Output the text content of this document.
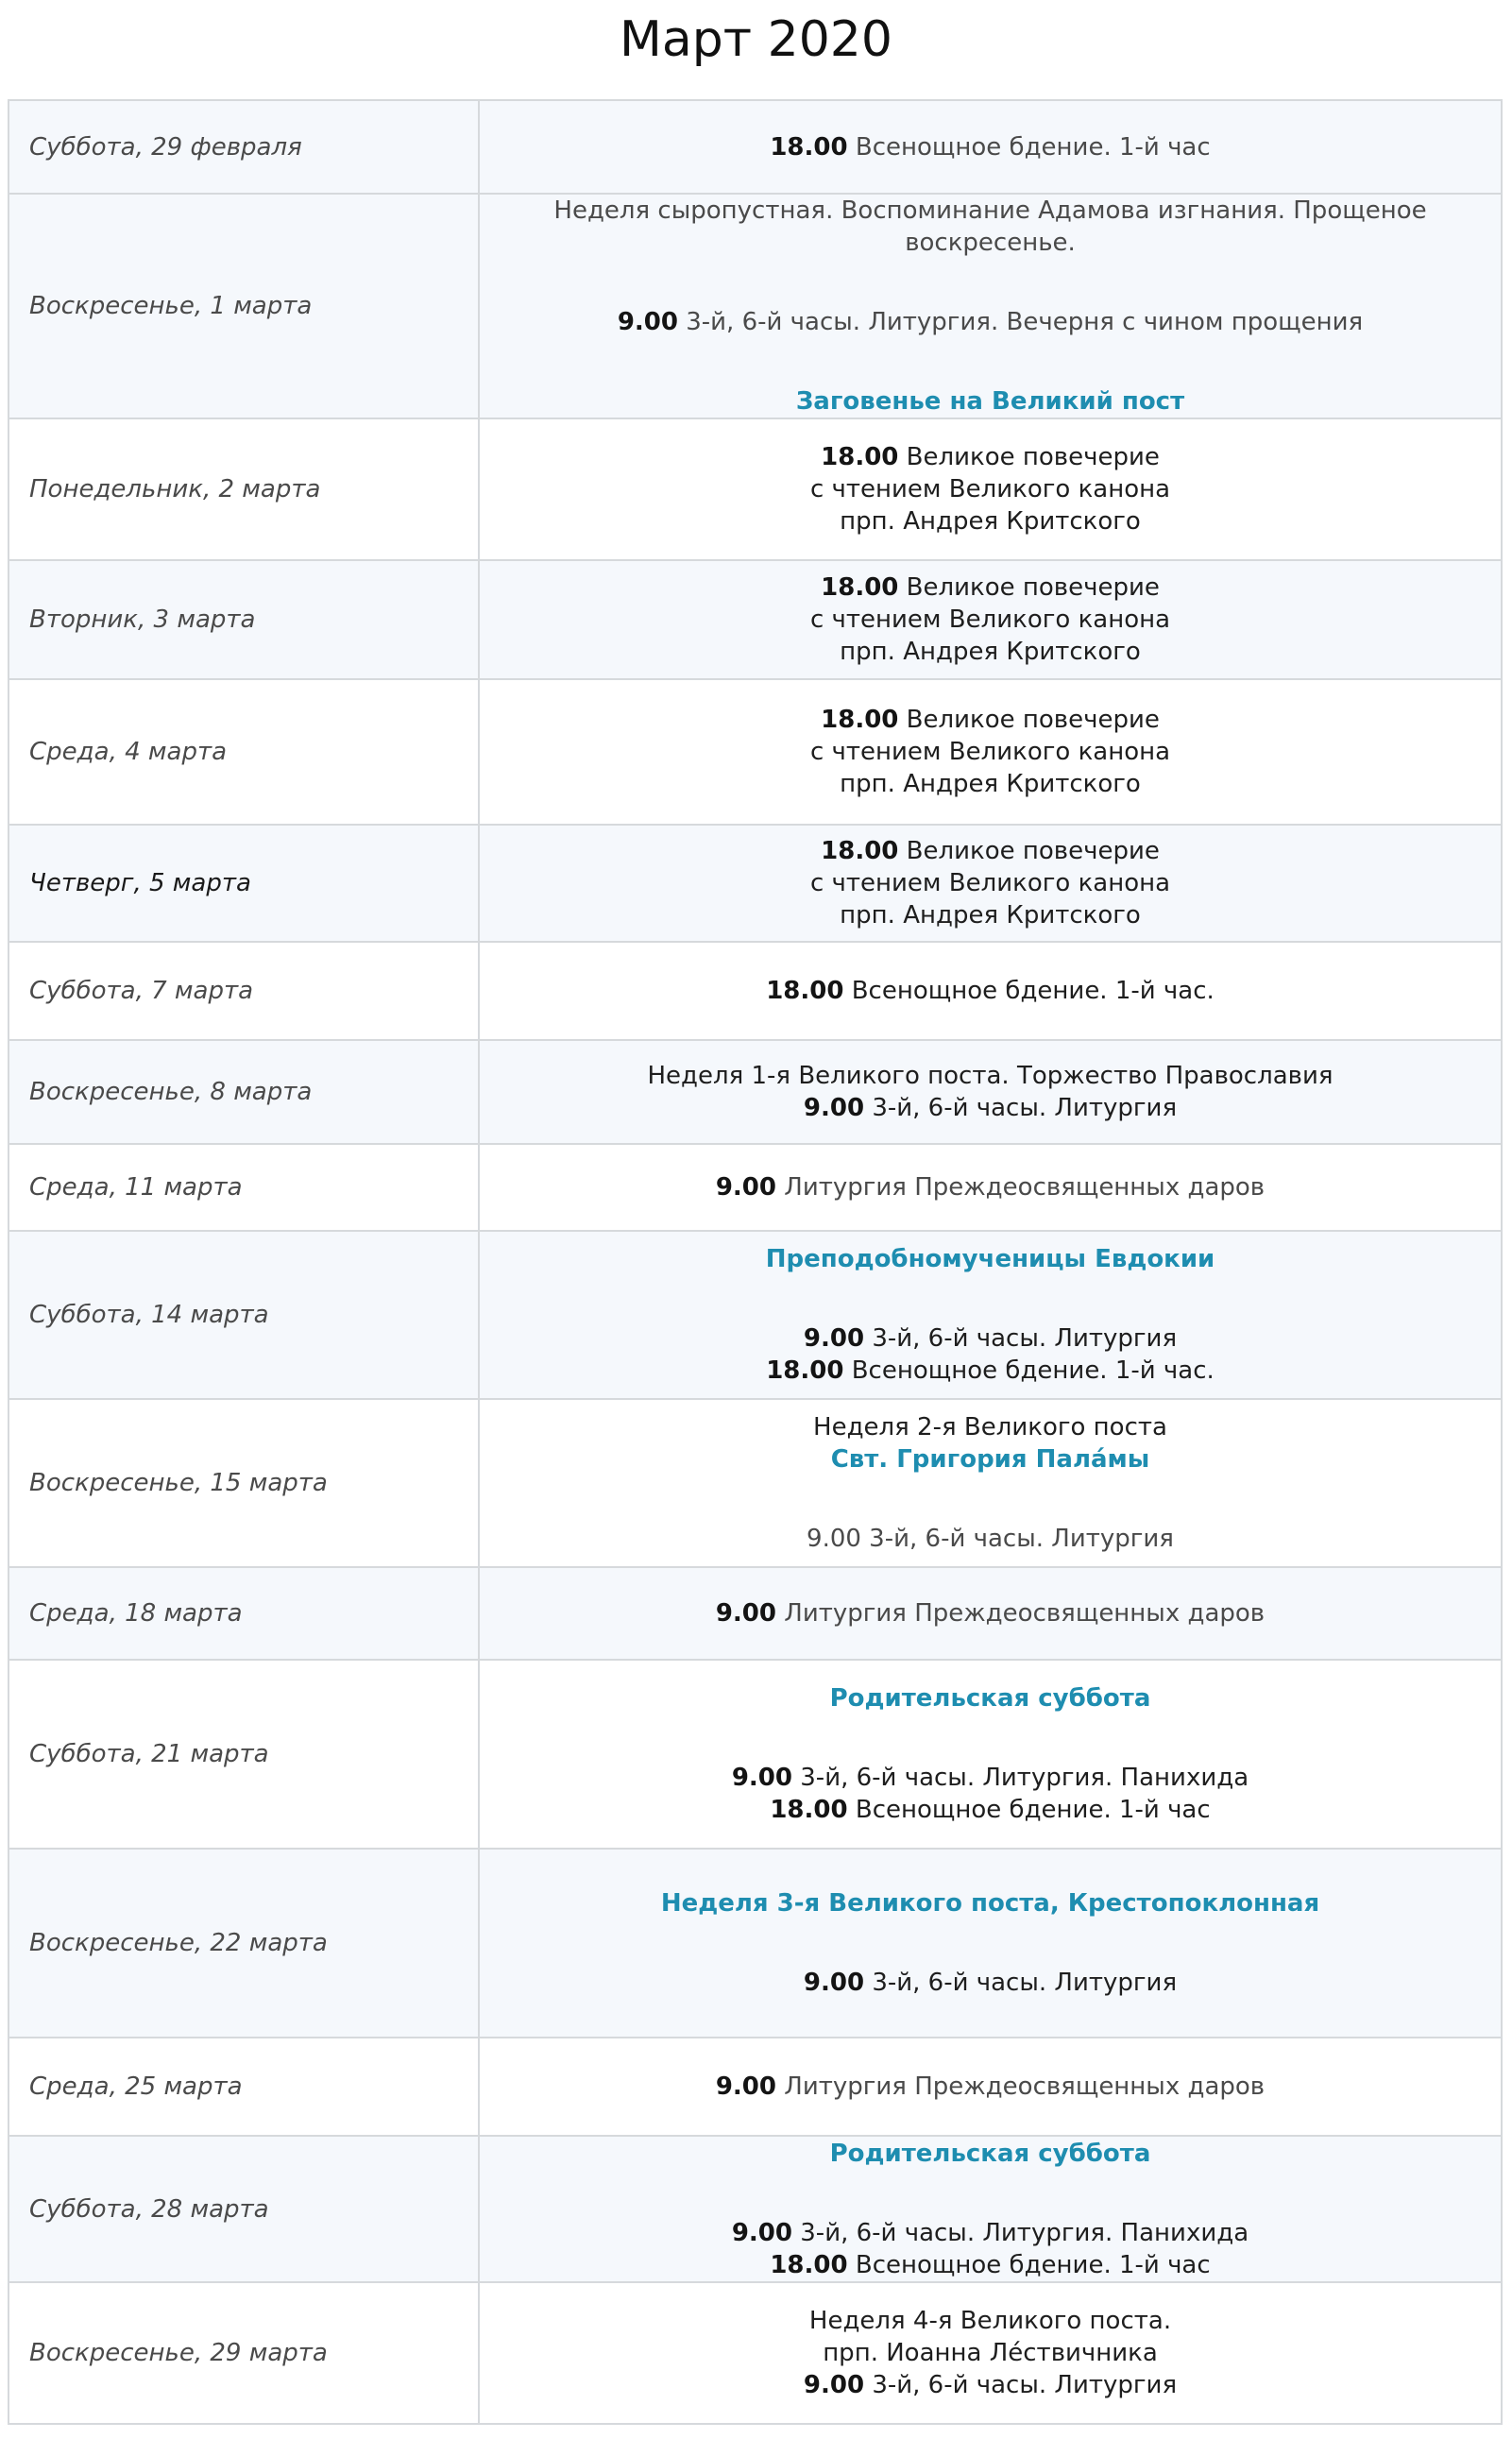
Март 2020
Суббота, 29 февраля	18.00 Всенощное бдение. 1-й час

Воскресенье, 1 марта	Неделя сыропустная. Воспоминание Адамова изгнания. Прощеное воскресенье.
9.00 3-й, 6-й часы. Литургия. Вечерня с чином прощения
Заговенье на Великий пост

Понедельник, 2 марта	18.00 Великое повечерие
с чтением Великого канона
прп. Андрея Критского

Вторник, 3 марта	18.00 Великое повечерие
с чтением Великого канона
прп. Андрея Критского

Среда, 4 марта	18.00 Великое повечерие
с чтением Великого канона
прп. Андрея Критского

Четверг, 5 марта	18.00 Великое повечерие
с чтением Великого канона
прп. Андрея Критского

Суббота, 7 марта	18.00 Всенощное бдение. 1-й час.

Воскресенье, 8 марта	Неделя 1-я Великого поста. Торжество Православия
9.00 3-й, 6-й часы. Литургия

Среда, 11 марта	9.00 Литургия Преждеосвященных даров

Суббота, 14 марта	Преподобномученицы Евдокии
9.00 3-й, 6-й часы. Литургия
18.00 Всенощное бдение. 1-й час.

Воскресенье, 15 марта	Неделя 2-я Великого поста
Свт. Григория Пала́мы
9.00 3-й, 6-й часы. Литургия

Среда, 18 марта	9.00 Литургия Преждеосвященных даров

Суббота, 21 марта	Родительская суббота
9.00 3-й, 6-й часы. Литургия. Панихида
18.00 Всенощное бдение. 1-й час

Воскресенье, 22 марта	Неделя 3-я Великого поста, Крестопоклонная
9.00 3-й, 6-й часы. Литургия

Среда, 25 марта	9.00 Литургия Преждеосвященных даров

Суббота, 28 марта	Родительская суббота
9.00 3-й, 6-й часы. Литургия. Панихида
18.00 Всенощное бдение. 1-й час

Воскресенье, 29 марта	Неделя 4-я Великого поста.
прп. Иоанна Ле́ствичника
9.00 3-й, 6-й часы. Литургия
